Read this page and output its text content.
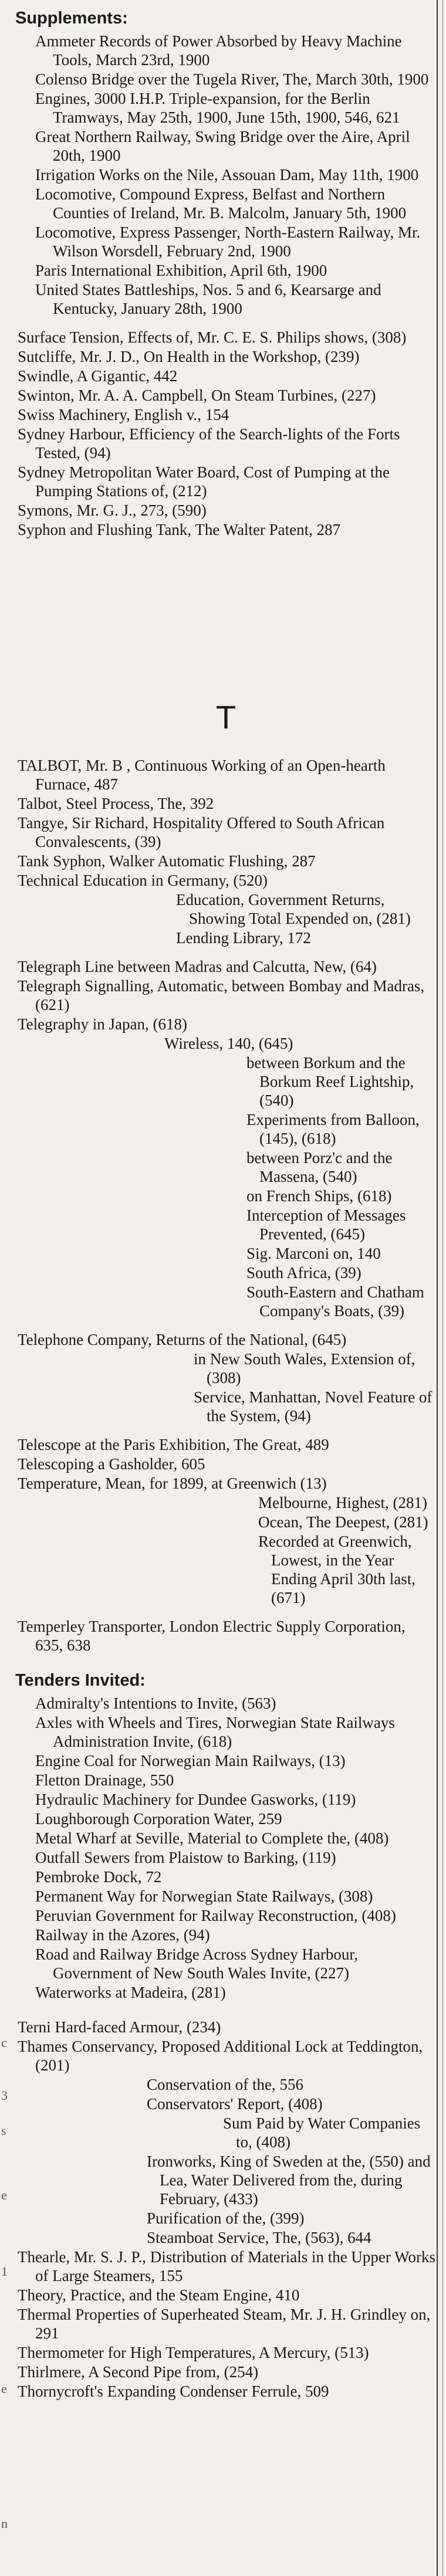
c
3
s
e
1
e
n
Supplements:
Ammeter Records of Power Absorbed by Heavy Machine Tools, March 23rd, 1900
Colenso Bridge over the Tugela River, The, March 30th, 1900
Engines, 3000 I.H.P. Triple-expansion, for the Berlin Tramways, May 25th, 1900, June 15th, 1900, 546, 621
Great Northern Railway, Swing Bridge over the Aire, April 20th, 1900
Irrigation Works on the Nile, Assouan Dam, May 11th, 1900
Locomotive, Compound Express, Belfast and Northern Counties of Ireland, Mr. B. Malcolm, January 5th, 1900
Locomotive, Express Passenger, North-Eastern Railway, Mr. Wilson Worsdell, February 2nd, 1900
Paris International Exhibition, April 6th, 1900
United States Battleships, Nos. 5 and 6, Kearsarge and Kentucky, January 28th, 1900
Surface Tension, Effects of, Mr. C. E. S. Philips shows, (308)
Sutcliffe, Mr. J. D., On Health in the Workshop, (239)
Swindle, A Gigantic, 442
Swinton, Mr. A. A. Campbell, On Steam Turbines, (227)
Swiss Machinery, English v., 154
Sydney Harbour, Efficiency of the Search-lights of the Forts Tested, (94)
Sydney Metropolitan Water Board, Cost of Pumping at the Pumping Stations of, (212)
Symons, Mr. G. J., 273, (590)
Syphon and Flushing Tank, The Walter Patent, 287
T
TALBOT, Mr. B , Continuous Working of an Open-hearth Furnace, 487
Talbot, Steel Process, The, 392
Tangye, Sir Richard, Hospitality Offered to South African Convalescents, (39)
Tank Syphon, Walker Automatic Flushing, 287
Technical Education in Germany, (520)
Education, Government Returns, Showing Total Expended on, (281)
Lending Library, 172
Telegraph Line between Madras and Calcutta, New, (64)
Telegraph Signalling, Automatic, between Bombay and Madras, (621)
Telegraphy in Japan, (618)
Wireless, 140, (645)
between Borkum and the Borkum Reef Lightship, (540)
Experiments from Balloon, (145), (618)
between Porz'c and the Massena, (540)
on French Ships, (618)
Interception of Messages Prevented, (645)
Sig. Marconi on, 140
South Africa, (39)
South-Eastern and Chatham Company's Boats, (39)
Telephone Company, Returns of the National, (645)
in New South Wales, Extension of, (308)
Service, Manhattan, Novel Feature of the System, (94)
Telescope at the Paris Exhibition, The Great, 489
Telescoping a Gasholder, 605
Temperature, Mean, for 1899, at Greenwich (13)
Melbourne, Highest, (281)
Ocean, The Deepest, (281)
Recorded at Greenwich, Lowest, in the Year Ending April 30th last, (671)
Temperley Transporter, London Electric Supply Corporation, 635, 638
Tenders Invited:
Admiralty's Intentions to Invite, (563)
Axles with Wheels and Tires, Norwegian State Railways Administration Invite, (618)
Engine Coal for Norwegian Main Railways, (13)
Fletton Drainage, 550
Hydraulic Machinery for Dundee Gasworks, (119)
Loughborough Corporation Water, 259
Metal Wharf at Seville, Material to Complete the, (408)
Outfall Sewers from Plaistow to Barking, (119)
Pembroke Dock, 72
Permanent Way for Norwegian State Railways, (308)
Peruvian Government for Railway Reconstruction, (408)
Railway in the Azores, (94)
Road and Railway Bridge Across Sydney Harbour, Government of New South Wales Invite, (227)
Waterworks at Madeira, (281)
Terni Hard-faced Armour, (234)
Thames Conservancy, Proposed Additional Lock at Teddington, (201)
Conservation of the, 556
Conservators' Report, (408)
Sum Paid by Water Companies to, (408)
Ironworks, King of Sweden at the, (550) and Lea, Water Delivered from the, during February, (433)
Purification of the, (399)
Steamboat Service, The, (563), 644
Thearle, Mr. S. J. P., Distribution of Materials in the Upper Works of Large Steamers, 155
Theory, Practice, and the Steam Engine, 410
Thermal Properties of Superheated Steam, Mr. J. H. Grindley on, 291
Thermometer for High Temperatures, A Mercury, (513)
Thirlmere, A Second Pipe from, (254)
Thornycroft's Expanding Condenser Ferrule, 509
